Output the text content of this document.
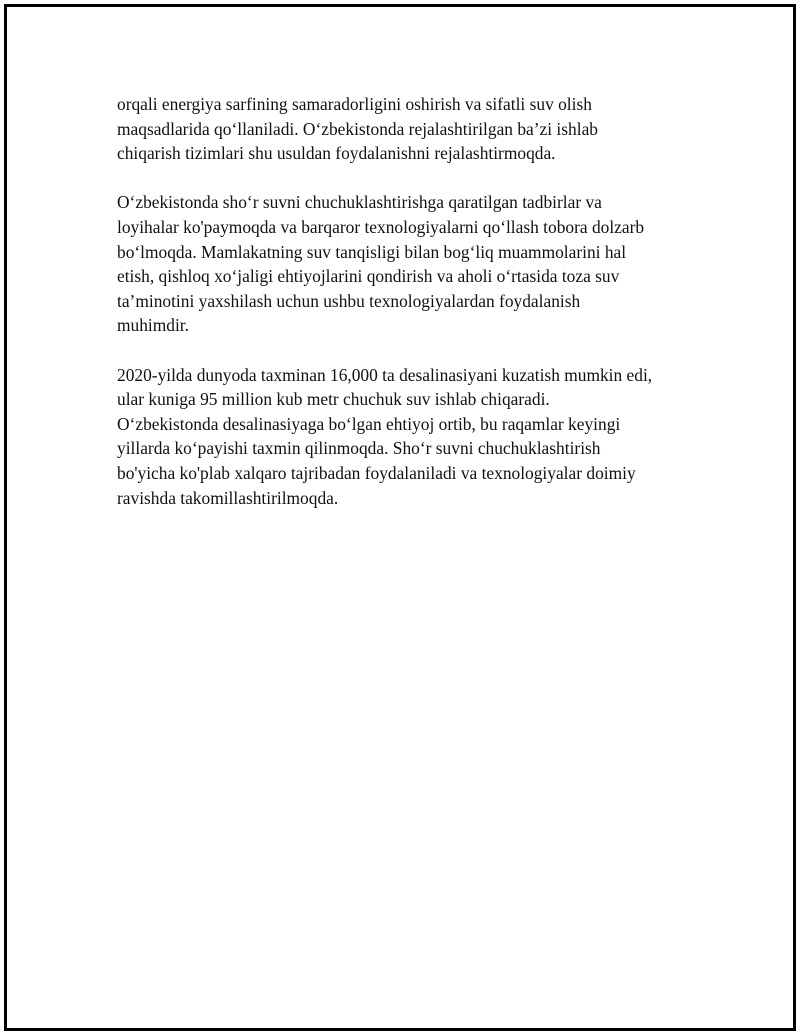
orqali energiya sarfining samaradorligini oshirish va sifatli suv olish
maqsadlarida qo‘llaniladi. O‘zbekistonda rejalashtirilgan ba’zi ishlab
chiqarish tizimlari shu usuldan foydalanishni rejalashtirmoqda.

O‘zbekistonda sho‘r suvni chuchuklashtirishga qaratilgan tadbirlar va
loyihalar ko'paymoqda va barqaror texnologiyalarni qo‘llash tobora dolzarb
bo‘lmoqda. Mamlakatning suv tanqisligi bilan bog‘liq muammolarini hal
etish, qishloq xo‘jaligi ehtiyojlarini qondirish va aholi o‘rtasida toza suv
ta’minotini yaxshilash uchun ushbu texnologiyalardan foydalanish
muhimdir.

2020-yilda dunyoda taxminan 16,000 ta desalinasiyani kuzatish mumkin edi,
ular kuniga 95 million kub metr chuchuk suv ishlab chiqaradi.
O‘zbekistonda desalinasiyaga bo‘lgan ehtiyoj ortib, bu raqamlar keyingi
yillarda ko‘payishi taxmin qilinmoqda. Sho‘r suvni chuchuklashtirish
bo'yicha ko'plab xalqaro tajribadan foydalaniladi va texnologiyalar doimiy
ravishda takomillashtirilmoqda.
